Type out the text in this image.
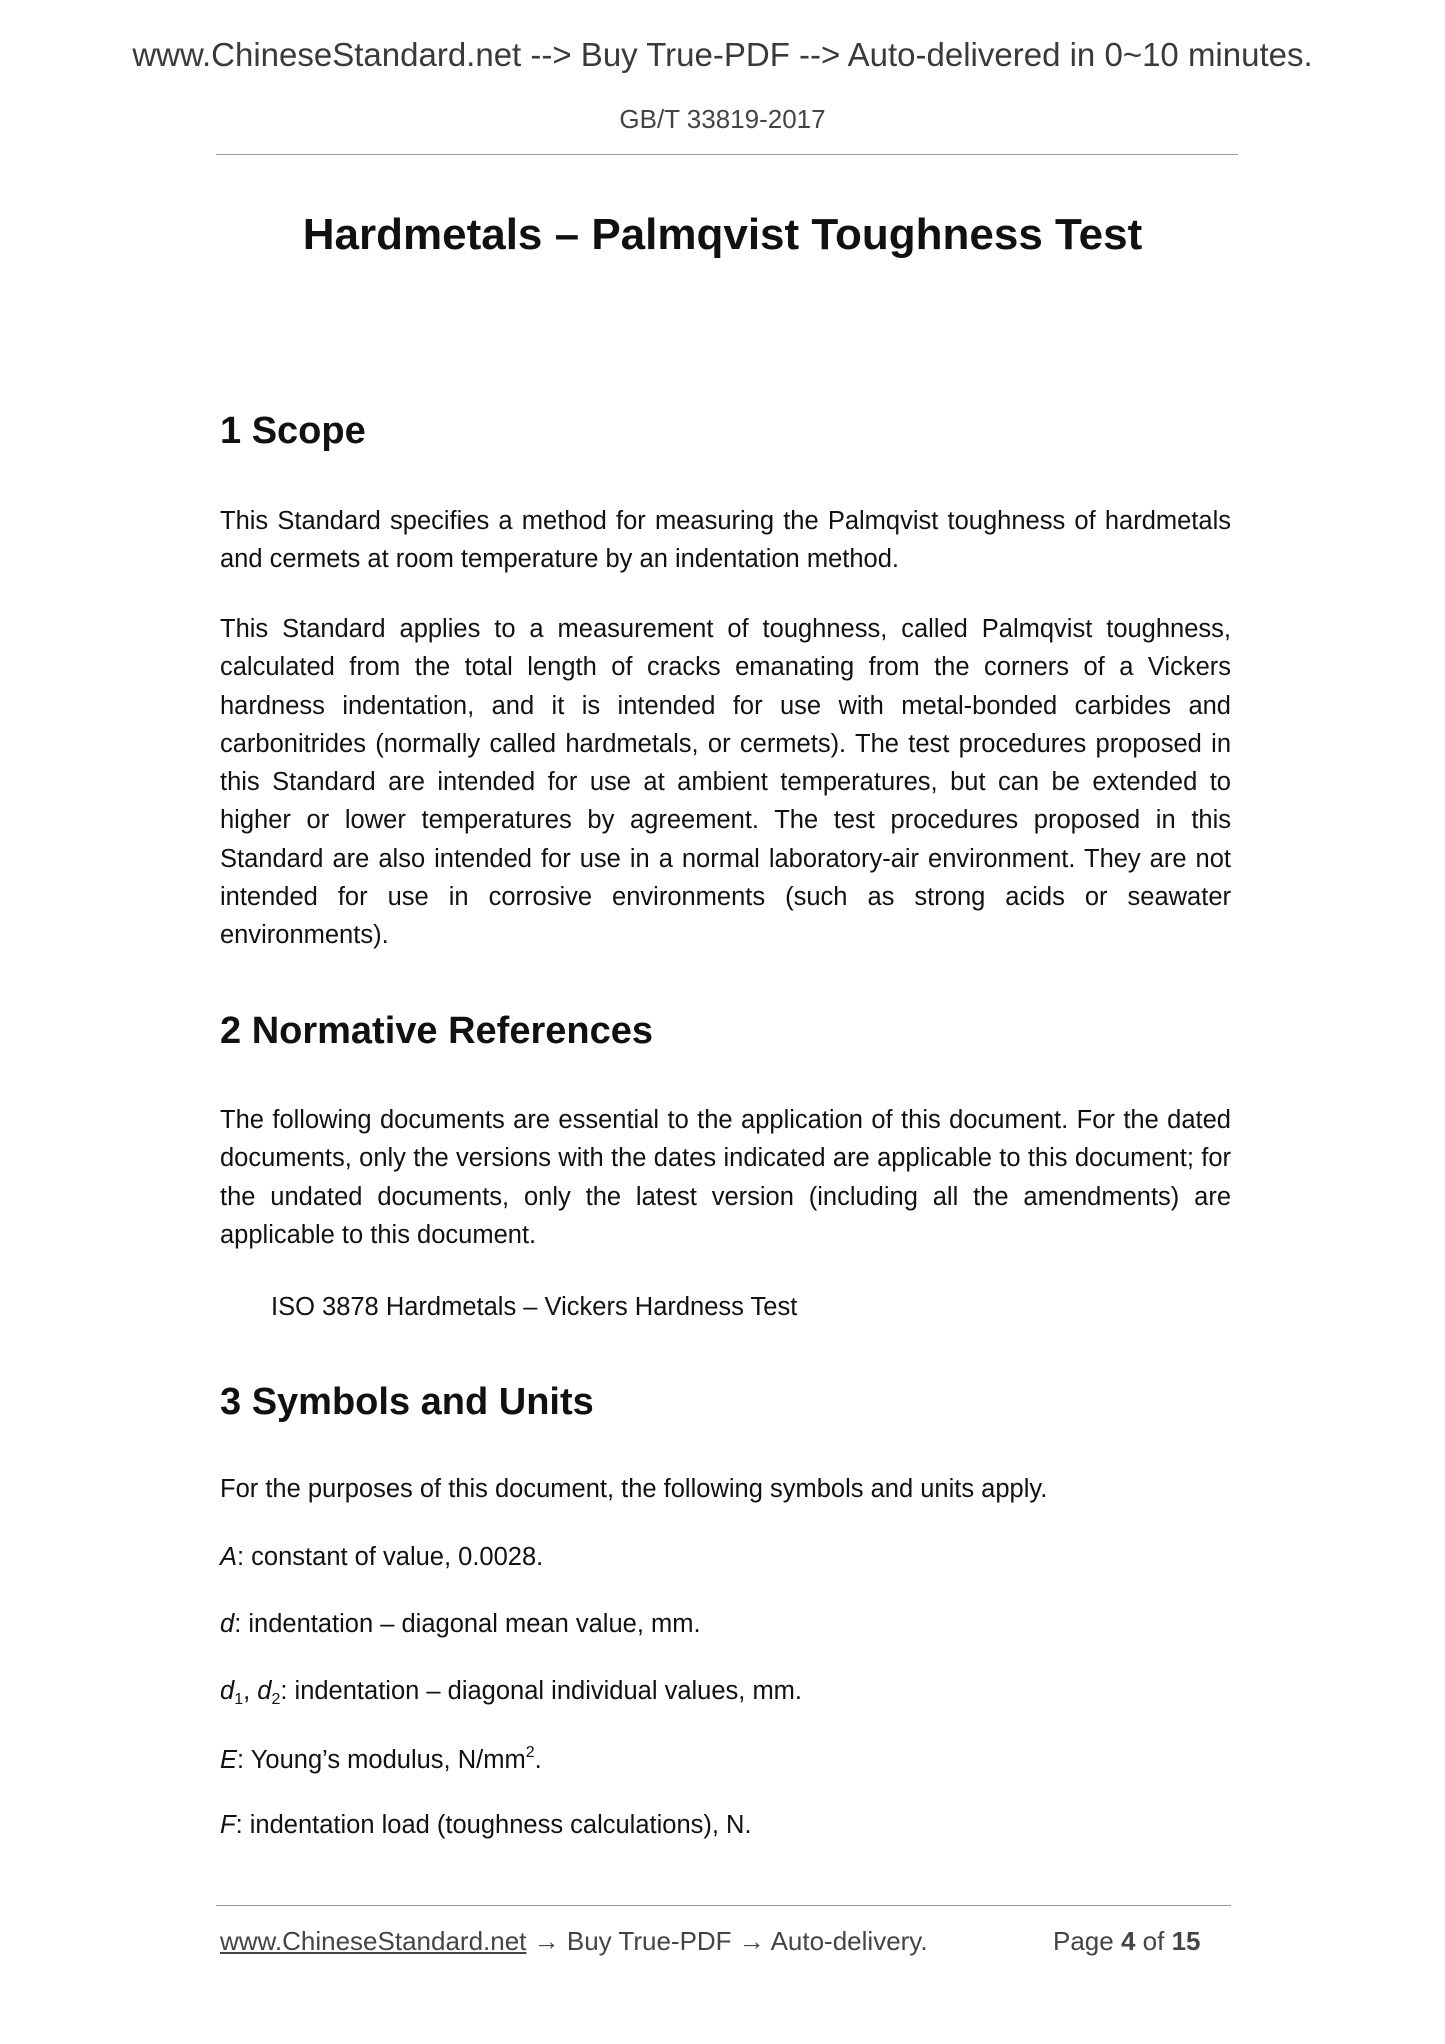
www.ChineseStandard.net --> Buy True-PDF --> Auto-delivered in 0~10 minutes.
GB/T 33819-2017
Hardmetals – Palmqvist Toughness Test
1 Scope
This Standard specifies a method for measuring the Palmqvist toughness of hardmetals and cermets at room temperature by an indentation method.
This Standard applies to a measurement of toughness, called Palmqvist toughness, calculated from the total length of cracks emanating from the corners of a Vickers hardness indentation, and it is intended for use with metal-bonded carbides and carbonitrides (normally called hardmetals, or cermets). The test procedures proposed in this Standard are intended for use at ambient temperatures, but can be extended to higher or lower temperatures by agreement. The test procedures proposed in this Standard are also intended for use in a normal laboratory-air environment. They are not intended for use in corrosive environments (such as strong acids or seawater environments).
2 Normative References
The following documents are essential to the application of this document. For the dated documents, only the versions with the dates indicated are applicable to this document; for the undated documents, only the latest version (including all the amendments) are applicable to this document.
ISO 3878 Hardmetals – Vickers Hardness Test
3 Symbols and Units
For the purposes of this document, the following symbols and units apply.
A: constant of value, 0.0028.
d: indentation – diagonal mean value, mm.
$d_1$, $d_2$: indentation – diagonal individual values, mm.
E: Young’s modulus, $N/mm^2$.
F: indentation load (toughness calculations), N.
www.ChineseStandard.net → Buy True-PDF → Auto-delivery.	Page 4 of 15
